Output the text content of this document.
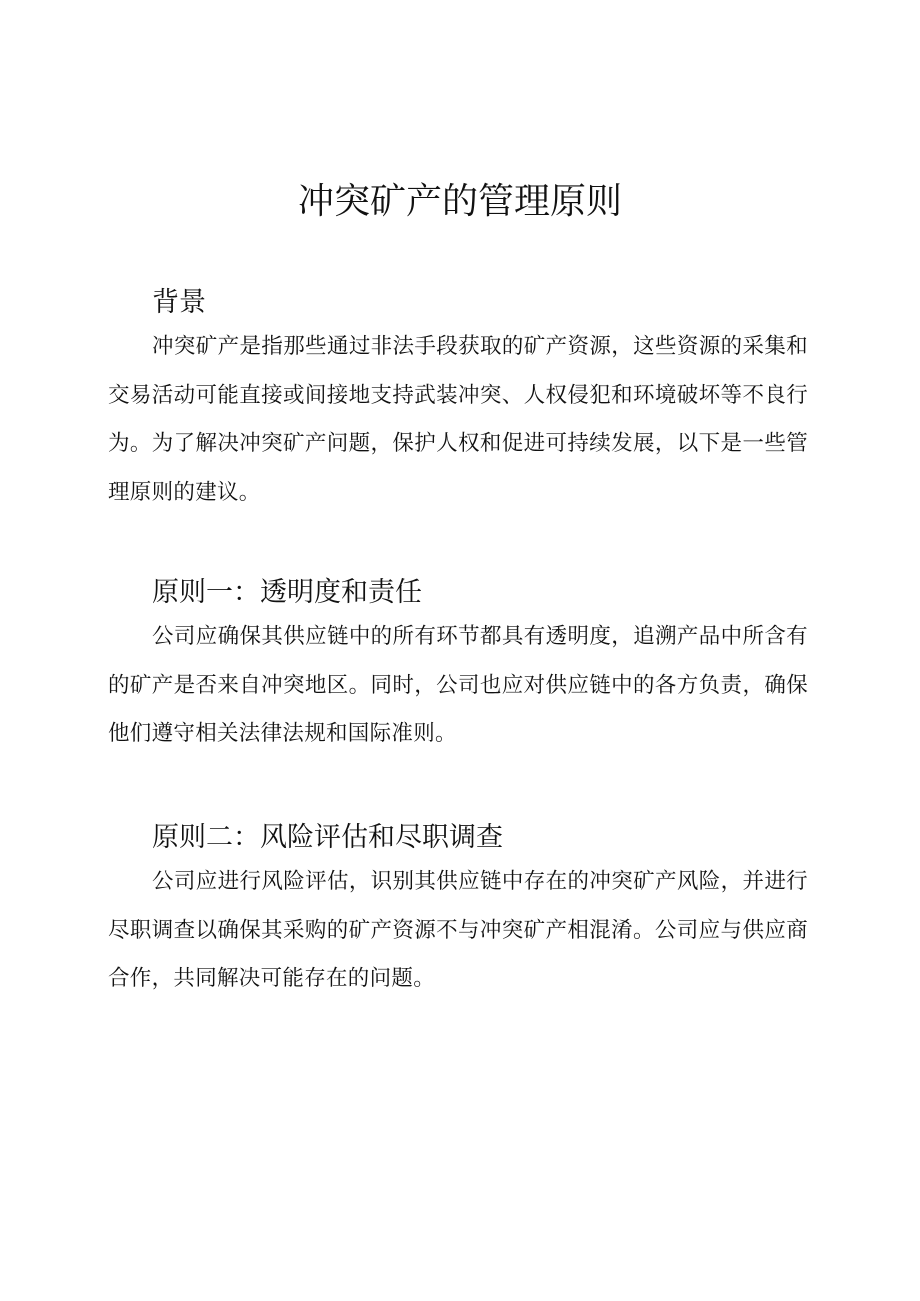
冲突矿产的管理原则
背景

冲突矿产是指那些通过非法手段获取的矿产资源，这些资源的采集和交易活动可能直接或间接地支持武装冲突、人权侵犯和环境破坏等不良行为。为了解决冲突矿产问题，保护人权和促进可持续发展，以下是一些管理原则的建议。

原则一：透明度和责任

公司应确保其供应链中的所有环节都具有透明度，追溯产品中所含有的矿产是否来自冲突地区。同时，公司也应对供应链中的各方负责，确保他们遵守相关法律法规和国际准则。

原则二：风险评估和尽职调查

公司应进行风险评估，识别其供应链中存在的冲突矿产风险，并进行尽职调查以确保其采购的矿产资源不与冲突矿产相混淆。公司应与供应商合作，共同解决可能存在的问题。
